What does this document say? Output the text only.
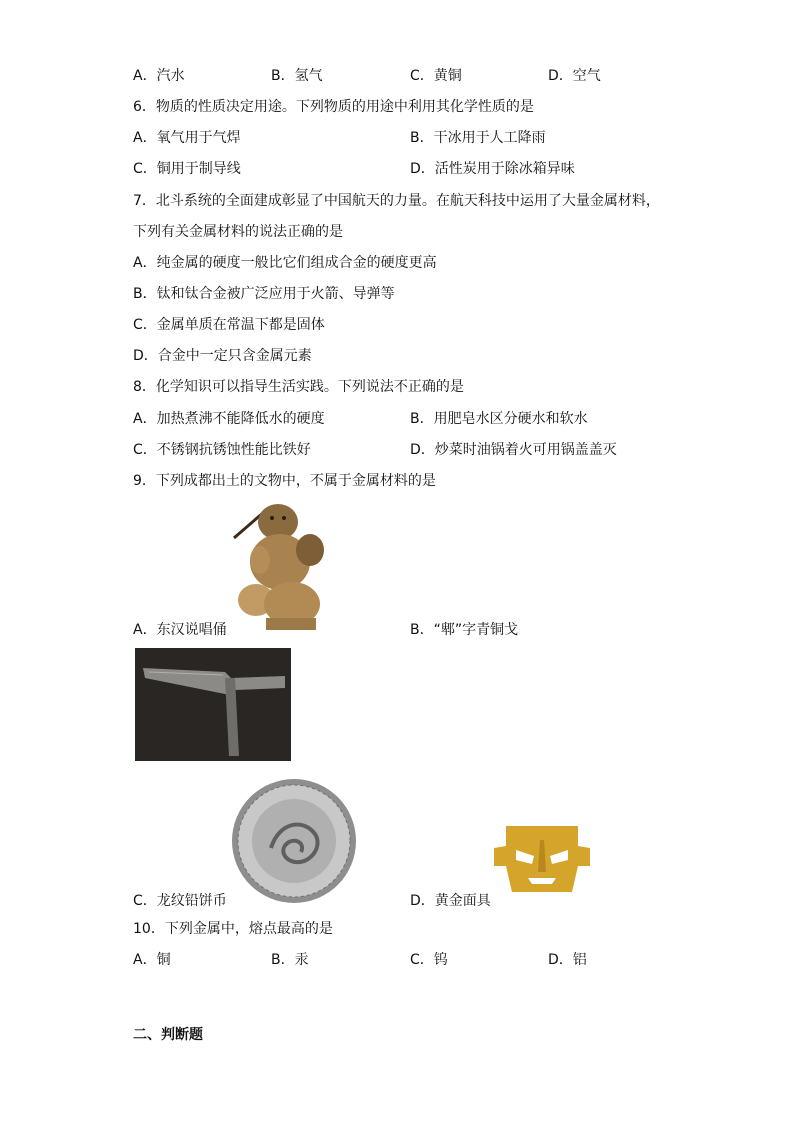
A．汽水	B．氢气	C．黄铜	D．空气
6．物质的性质决定用途。下列物质的用途中利用其化学性质的是
A．氧气用于气焊	B．干冰用于人工降雨
C．铜用于制导线	D．活性炭用于除冰箱异味
7．北斗系统的全面建成彰显了中国航天的力量。在航天科技中运用了大量金属材料，
下列有关金属材料的说法正确的是
A．纯金属的硬度一般比它们组成合金的硬度更高
B．钛和钛合金被广泛应用于火箭、导弹等
C．金属单质在常温下都是固体
D．合金中一定只含金属元素
8．化学知识可以指导生活实践。下列说法不正确的是
A．加热煮沸不能降低水的硬度	B．用肥皂水区分硬水和软水
C．不锈钢抗锈蚀性能比铁好	D．炒菜时油锅着火可用锅盖盖灭
9．下列成都出土的文物中，不属于金属材料的是
A．东汉说唱俑	B．“郫”字青铜戈
C．龙纹铅饼币	D．黄金面具
10．下列金属中，熔点最高的是
A．铜	B．汞	C．钨	D．铝
二、判断题
